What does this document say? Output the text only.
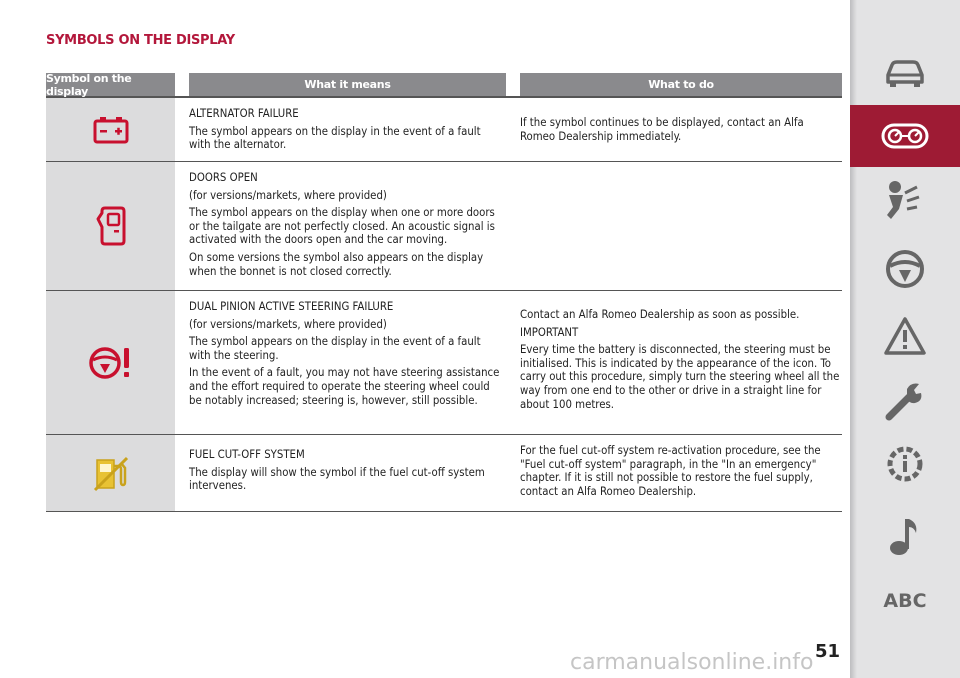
SYMBOLS ON THE DISPLAY
Symbol on the display	What it means	What to do

ALTERNATOR FAILURE

The symbol appears on the display in the event of a fault with the alternator.

If the symbol continues to be displayed, contact an Alfa Romeo Dealership immediately.

DOORS OPEN

(for versions/markets, where provided)

The symbol appears on the display when one or more doors or the tailgate are not perfectly closed. An acoustic signal is activated with the doors open and the car moving.

On some versions the symbol also appears on the display when the bonnet is not closed correctly.

DUAL PINION ACTIVE STEERING FAILURE

(for versions/markets, where provided)

The symbol appears on the display in the event of a fault with the steering.

In the event of a fault, you may not have steering assistance and the effort required to operate the steering wheel could be notably increased; steering is, however, still possible.

Contact an Alfa Romeo Dealership as soon as possible.

IMPORTANT

Every time the battery is disconnected, the steering must be initialised. This is indicated by the appearance of the icon. To carry out this procedure, simply turn the steering wheel all the way from one end to the other or drive in a straight line for about 100 metres.

FUEL CUT-OFF SYSTEM

The display will show the symbol if the fuel cut-off system intervenes.

For the fuel cut-off system re-activation procedure, see the "Fuel cut-off system" paragraph, in the "In an emergency" chapter. If it is still not possible to restore the fuel supply, contact an Alfa Romeo Dealership.

ABC
51
carmanualsonline.info
